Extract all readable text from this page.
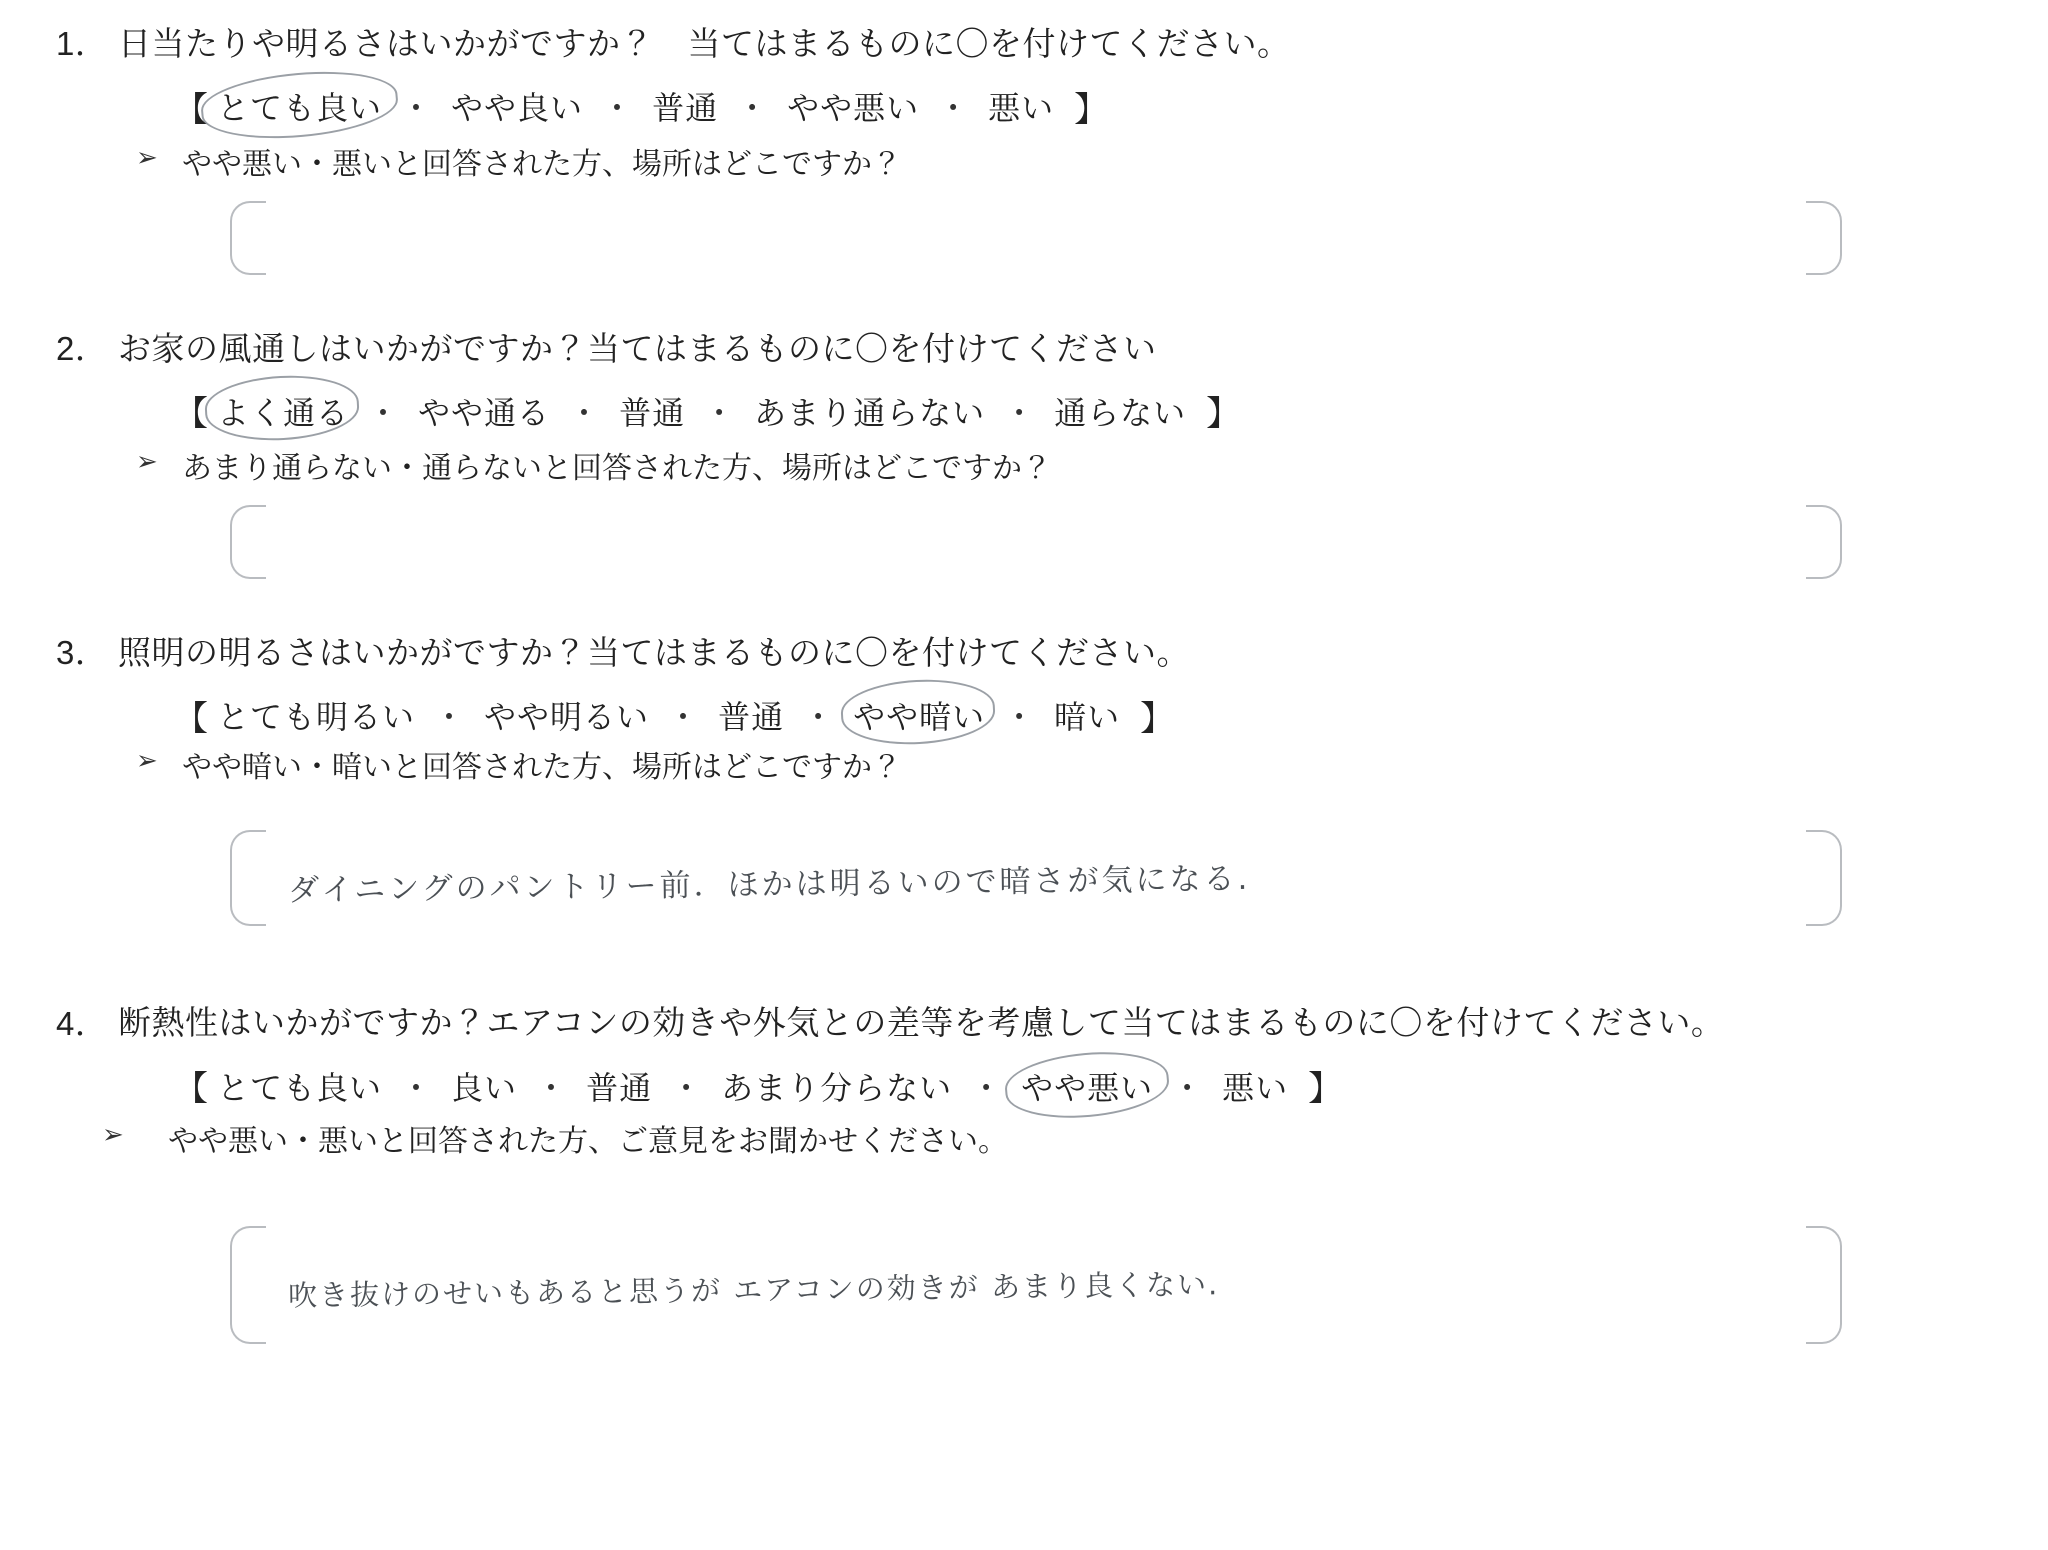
1． 日当たりや明るさはいかがですか？　当てはまるものに〇を付けてください。
【 とても良い ・ やや良い ・ 普通 ・ やや悪い ・ 悪い 】
➢ やや悪い・悪いと回答された方、場所はどこですか？
2． お家の風通しはいかがですか？当てはまるものに〇を付けてください
【 よく通る ・ やや通る ・ 普通 ・ あまり通らない ・ 通らない 】
➢ あまり通らない・通らないと回答された方、場所はどこですか？
3． 照明の明るさはいかがですか？当てはまるものに〇を付けてください。
【 とても明るい ・ やや明るい ・ 普通 ・ やや暗い ・ 暗い 】
➢ やや暗い・暗いと回答された方、場所はどこですか？
ダイニングのパントリー前．ほかは明るいので暗さが気になる.
4． 断熱性はいかがですか？エアコンの効きや外気との差等を考慮して当てはまるものに〇を付けてください。
【 とても良い ・ 良い ・ 普通 ・ あまり分らない ・ やや悪い ・ 悪い 】
➢	やや悪い・悪いと回答された方、ご意見をお聞かせください。
吹き抜けのせいもあると思うが エアコンの効きが あまり良くない.
